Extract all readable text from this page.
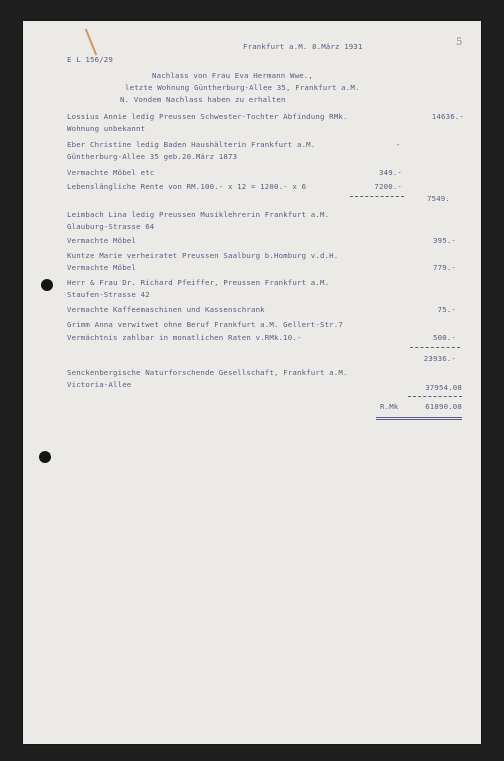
5
Frankfurt a.M. 8.März 1931
E L 156/29
Nachlass von Frau Eva Hermann Wwe.,
letzte Wohnung Güntherburg-Allee 35, Frankfurt a.M.
N. Vondem Nachlass haben zu erhalten
Lossius Annie ledig Preussen Schwester-Tochter Abfindung RMk.	14636.-
Wohnung unbekannt
Eber Christine ledig Baden Haushälterin Frankfurt a.M.	-
Güntherburg-Allee 35 geb.20.März 1873
Vermachte Möbel etc	349.-
Lebenslängliche Rente von RM.100.- x 12 = 1200.- x 6	7200.-
7549.
Leimbach Lina ledig Preussen Musiklehrerin Frankfurt a.M.
Glauburg-Strasse 64
Vermachte Möbel	395.-
Kuntze Marie verheiratet Preussen Saalburg b.Homburg v.d.H.
Vermachte Möbel	779.-
Herr & Frau Dr. Richard Pfeiffer, Preussen Frankfurt a.M.
Staufen-Strasse 42
Vermachte Kaffeemaschinen und Kassenschrank	75.-
Grimm Anna verwitwet ohne Beruf Frankfurt a.M. Gellert-Str.7
Vermächtnis zahlbar in monatlichen Raten v.RMk.10.-	500.-
23936.-
Senckenbergische Naturforschende Gesellschaft, Frankfurt a.M.
Victoria-Allee	37954.08
R.Mk	61890.08
